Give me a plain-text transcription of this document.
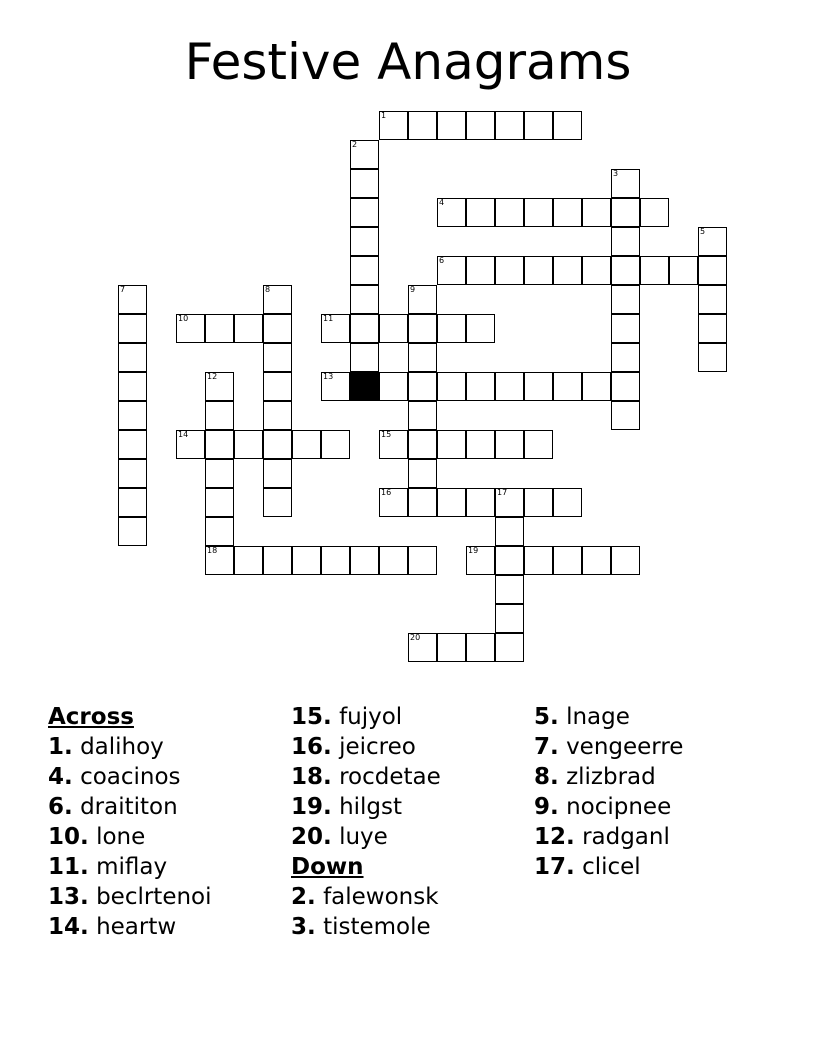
Festive Anagrams
1
2
3
4
5
6
7	8	9
10	11
12
18
13
14	15
16	17
19
20
Across
1. dalihoy
4. coacinos
6. draititon
10. lone
11. miflay
13. beclrtenoi
14. heartw
15. fujyol
16. jeicreo
18. rocdetae
19. hilgst
20. luye
Down
2. falewonsk
3. tistemole
5. lnage
7. vengeerre
8. zlizbrad
9. nocipnee
12. radganl
17. clicel
